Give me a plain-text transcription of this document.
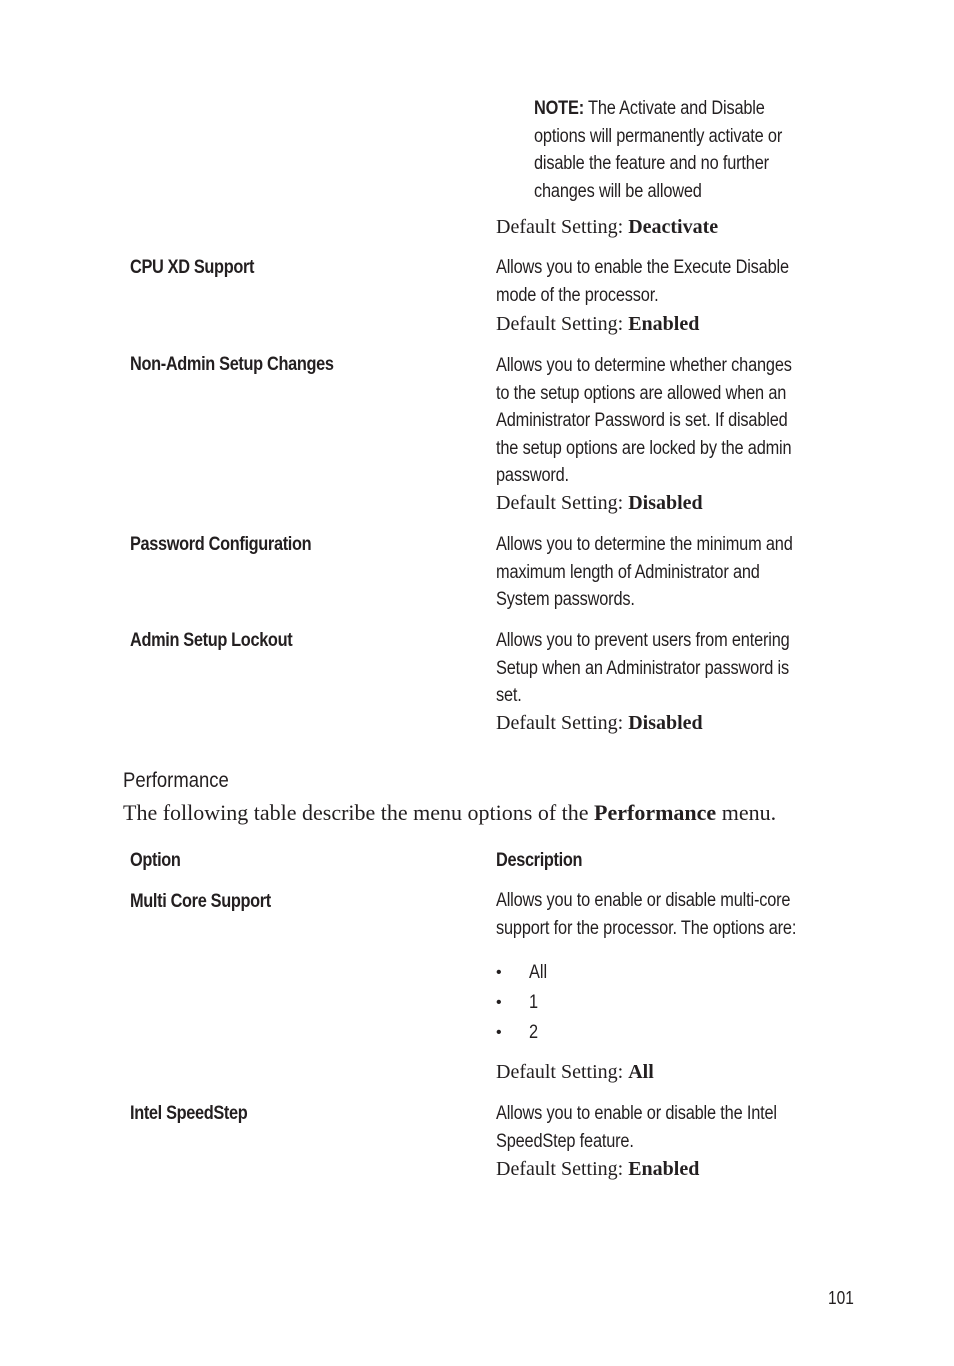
NOTE: The Activate and Disable
options will permanently activate or
disable the feature and no further
changes will be allowed
Default Setting: Deactivate
CPU XD Support	Allows you to enable the Execute Disable
mode of the processor.
Default Setting: Enabled
Non-Admin Setup Changes	Allows you to determine whether changes
to the setup options are allowed when an
Administrator Password is set. If disabled
the setup options are locked by the admin
password.
Default Setting: Disabled
Password Configuration	Allows you to determine the minimum and
maximum length of Administrator and
System passwords.
Admin Setup Lockout	Allows you to prevent users from entering
Setup when an Administrator password is
set.
Default Setting: Disabled
Performance
The following table describe the menu options of the Performance menu.
Option	Description
Multi Core Support	Allows you to enable or disable multi-core
support for the processor. The options are:
• All
• 1
• 2
Default Setting: All
Intel SpeedStep	Allows you to enable or disable the Intel
SpeedStep feature.
Default Setting: Enabled
101
